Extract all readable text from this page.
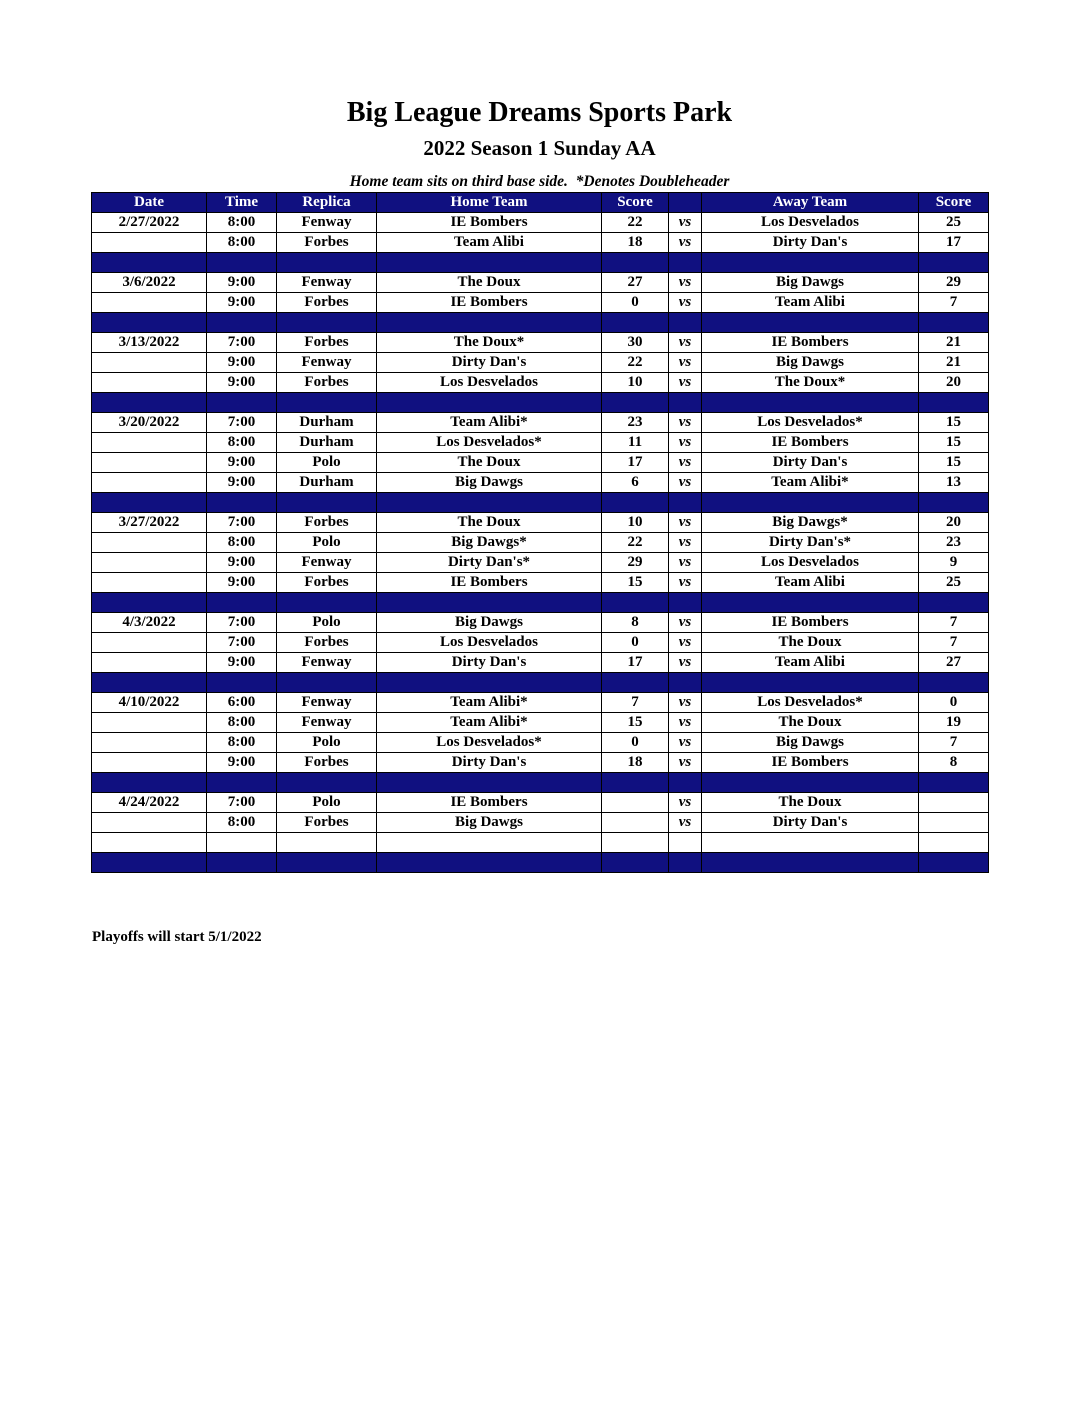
Big League Dreams Sports Park
2022 Season 1 Sunday AA
Home team sits on third base side.  *Denotes Doubleheader
Date	Time	Replica	Home Team	Score		Away Team	Score
2/27/2022	8:00	Fenway	IE Bombers	22	vs	Los Desvelados	25
	8:00	Forbes	Team Alibi	18	vs	Dirty Dan's	17

3/6/2022	9:00	Fenway	The Doux	27	vs	Big Dawgs	29
	9:00	Forbes	IE Bombers	0	vs	Team Alibi	7

3/13/2022	7:00	Forbes	The Doux*	30	vs	IE Bombers	21
	9:00	Fenway	Dirty Dan's	22	vs	Big Dawgs	21
	9:00	Forbes	Los Desvelados	10	vs	The Doux*	20

3/20/2022	7:00	Durham	Team Alibi*	23	vs	Los Desvelados*	15
	8:00	Durham	Los Desvelados*	11	vs	IE Bombers	15
	9:00	Polo	The Doux	17	vs	Dirty Dan's	15
	9:00	Durham	Big Dawgs	6	vs	Team Alibi*	13

3/27/2022	7:00	Forbes	The Doux	10	vs	Big Dawgs*	20
	8:00	Polo	Big Dawgs*	22	vs	Dirty Dan's*	23
	9:00	Fenway	Dirty Dan's*	29	vs	Los Desvelados	9
	9:00	Forbes	IE Bombers	15	vs	Team Alibi	25

4/3/2022	7:00	Polo	Big Dawgs	8	vs	IE Bombers	7
	7:00	Forbes	Los Desvelados	0	vs	The Doux	7
	9:00	Fenway	Dirty Dan's	17	vs	Team Alibi	27

4/10/2022	6:00	Fenway	Team Alibi*	7	vs	Los Desvelados*	0
	8:00	Fenway	Team Alibi*	15	vs	The Doux	19
	8:00	Polo	Los Desvelados*	0	vs	Big Dawgs	7
	9:00	Forbes	Dirty Dan's	18	vs	IE Bombers	8

4/24/2022	7:00	Polo	IE Bombers		vs	The Doux	
	8:00	Forbes	Big Dawgs		vs	Dirty Dan's	

Playoffs will start 5/1/2022
